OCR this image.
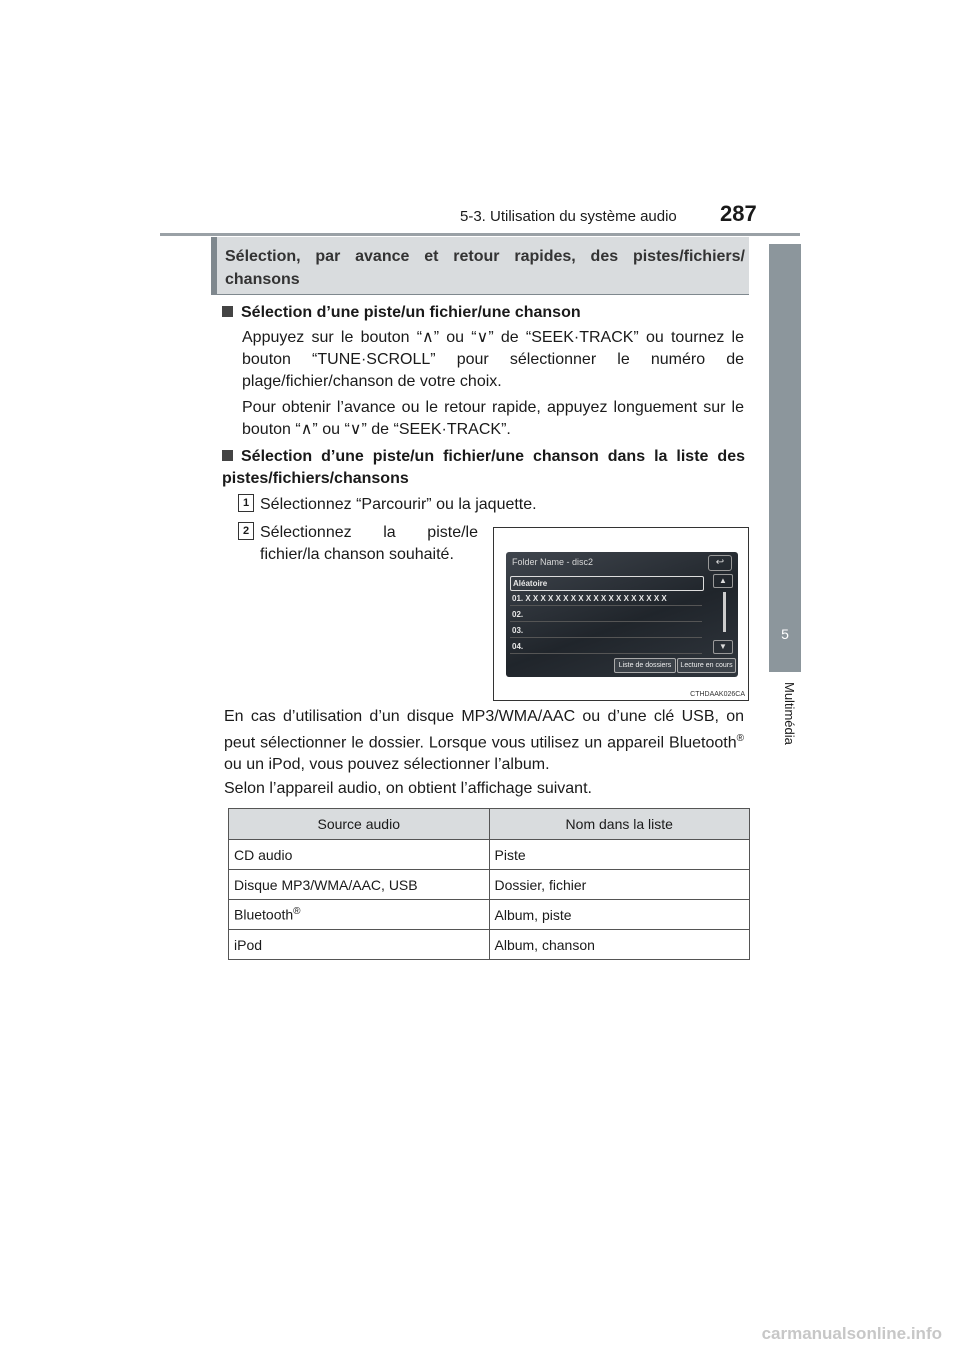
5-3. Utilisation du système audio 287
5
Multimédia
Sélection, par avance et retour rapides, des pistes/fichiers/
chansons
Sélection d’une piste/un fichier/une chanson
Appuyez sur le bouton “∧” ou “∨” de “SEEK·TRACK” ou tournez le bouton “TUNE·SCROLL” pour sélectionner le numéro de plage/fichier/chanson de votre choix.
Pour obtenir l’avance ou le retour rapide, appuyez longuement sur le bouton “∧” ou “∨” de “SEEK·TRACK”.
Sélection d’une piste/un fichier/une chanson dans la liste des pistes/fichiers/chansons
1 Sélectionnez “Parcourir” ou la jaquette.
2 Sélectionnez la piste/le fichier/la chanson souhaité.	Folder Name - disc2	↩
Aléatoire
01. X X X X X X X X X X X X X X X X X X X
02.
03.
04.
▲
▼
Liste de dossiers	Lecture en cours
CTHDAAK026CA
En cas d’utilisation d’un disque MP3/WMA/AAC ou d’une clé USB, on peut sélectionner le dossier. Lorsque vous utilisez un appareil Bluetooth® ou un iPod, vous pouvez sélectionner l’album.
Selon l’appareil audio, on obtient l’affichage suivant.
Source audio	Nom dans la liste
CD audio	Piste
Disque MP3/WMA/AAC, USB	Dossier, fichier
Bluetooth®	Album, piste
iPod	Album, chanson
carmanualsonline.info
